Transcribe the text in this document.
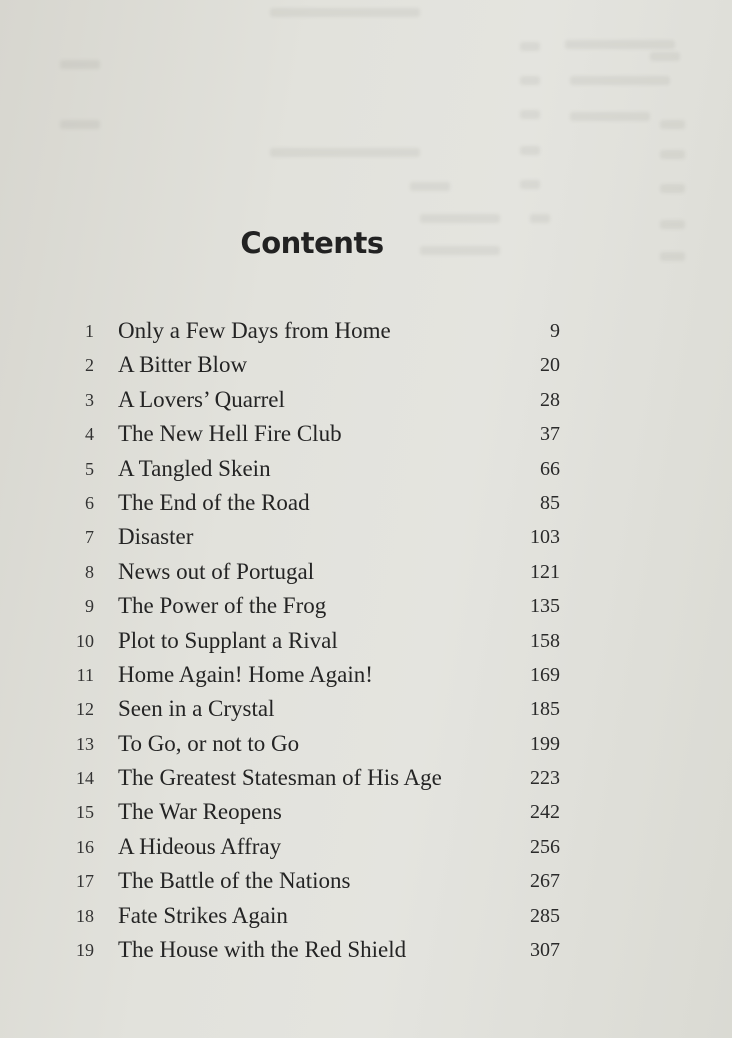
Contents
1 Only a Few Days from Home	9
2 A Bitter Blow	20
3 A Lovers’ Quarrel	28
4 The New Hell Fire Club	37
5 A Tangled Skein	66
6 The End of the Road	85
7 Disaster	103
8 News out of Portugal	121
9 The Power of the Frog	135
10 Plot to Supplant a Rival	158
11 Home Again! Home Again!	169
12 Seen in a Crystal	185
13 To Go, or not to Go	199
14 The Greatest Statesman of His Age	223
15 The War Reopens	242
16 A Hideous Affray	256
17 The Battle of the Nations	267
18 Fate Strikes Again	285
19 The House with the Red Shield	307
